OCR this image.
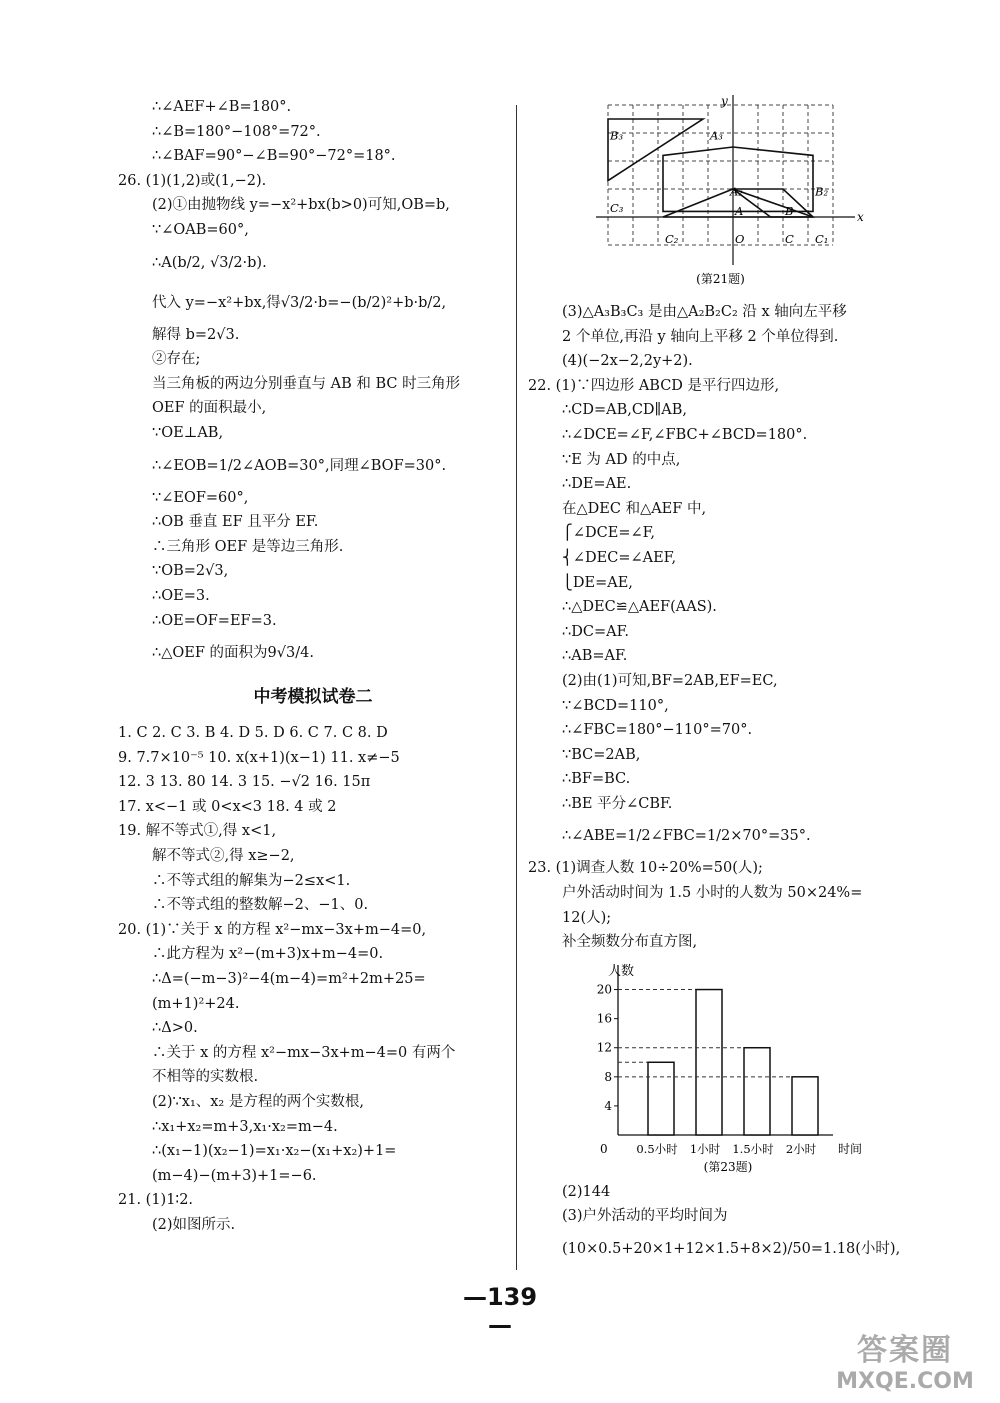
∴∠AEF+∠B=180°.
∴∠B=180°−108°=72°.
∴∠BAF=90°−∠B=90°−72°=18°.
26. (1)(1,2)或(1,−2).
(2)①由抛物线 y=−x²+bx(b>0)可知,OB=b,
∵∠OAB=60°,
∴A(b/2, √3/2·b).
代入 y=−x²+bx,得√3/2·b=−(b/2)²+b·b/2,
解得 b=2√3.
②存在;
当三角板的两边分别垂直与 AB 和 BC 时三角形
OEF 的面积最小,
∵OE⊥AB,
∴∠EOB=1/2∠AOB=30°,同理∠BOF=30°.
∵∠EOF=60°,
∴OB 垂直 EF 且平分 EF.
∴三角形 OEF 是等边三角形.
∵OB=2√3,
∴OE=3.
∴OE=OF=EF=3.
∴△OEF 的面积为9√3/4.
中考模拟试卷二
1. C 2. C 3. B 4. D 5. D 6. C 7. C 8. D
9. 7.7×10⁻⁵ 10. x(x+1)(x−1) 11. x≠−5
12. 3 13. 80 14. 3 15. −√2 16. 15π
17. x<−1 或 0<x<3 18. 4 或 2
19. 解不等式①,得 x<1,
解不等式②,得 x≥−2,
∴不等式组的解集为−2≤x<1.
∴不等式组的整数解−2、−1、0.
20. (1)∵关于 x 的方程 x²−mx−3x+m−4=0,
∴此方程为 x²−(m+3)x+m−4=0.
∴Δ=(−m−3)²−4(m−4)=m²+2m+25=
(m+1)²+24.
∴Δ>0.
∴关于 x 的方程 x²−mx−3x+m−4=0 有两个
不相等的实数根.
(2)∵x₁、x₂ 是方程的两个实数根,
∴x₁+x₂=m+3,x₁·x₂=m−4.
∴(x₁−1)(x₂−1)=x₁·x₂−(x₁+x₂)+1=
(m−4)−(m+3)+1=−6.
21. (1)1∶2.
(2)如图所示.
x
y
B₃	A₃
C₃
A₂	B₂
A	B
C₂	O	C C₁
(第21题)
(3)△A₃B₃C₃ 是由△A₂B₂C₂ 沿 x 轴向左平移
2 个单位,再沿 y 轴向上平移 2 个单位得到.
(4)(−2x−2,2y+2).
22. (1)∵四边形 ABCD 是平行四边形,
∴CD=AB,CD∥AB,
∴∠DCE=∠F,∠FBC+∠BCD=180°.
∵E 为 AD 的中点,
∴DE=AE.
在△DEC 和△AEF 中,
⎧∠DCE=∠F,
⎨∠DEC=∠AEF,
⎩DE=AE,
∴△DEC≌△AEF(AAS).
∴DC=AF.
∴AB=AF.
(2)由(1)可知,BF=2AB,EF=EC,
∵∠BCD=110°,
∴∠FBC=180°−110°=70°.
∵BC=2AB,
∴BF=BC.
∴BE 平分∠CBF.
∴∠ABE=1/2∠FBC=1/2×70°=35°.
23. (1)调查人数 10÷20%=50(人);
户外活动时间为 1.5 小时的人数为 50×24%=
12(人);
补全频数分布直方图,
人数
时间
0
4
8
12
16
20
0.5小时 1小时 1.5小时 2小时
(第23题)
(2)144
(3)户外活动的平均时间为
(10×0.5+20×1+12×1.5+8×2)/50=1.18(小时),
—139—
答案圈
MXQE.COM
